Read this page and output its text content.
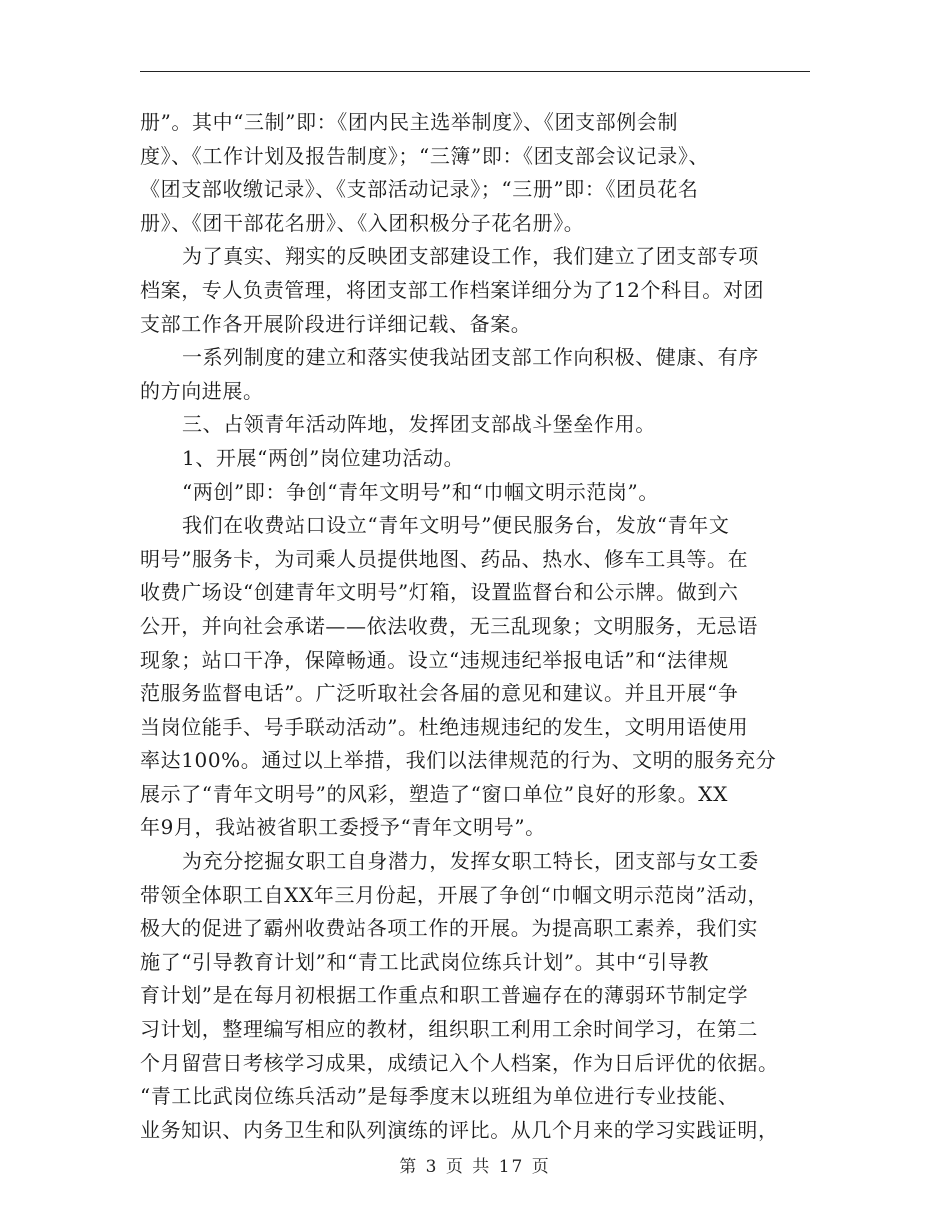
册”。其中“三制”即：《团内民主选举制度》、《团支部例会制
度》、《工作计划及报告制度》；“三簿”即：《团支部会议记录》、
《团支部收缴记录》、《支部活动记录》；“三册”即：《团员花名
册》、《团干部花名册》、《入团积极分子花名册》。
为了真实、翔实的反映团支部建设工作，我们建立了团支部专项
档案，专人负责管理，将团支部工作档案详细分为了12个科目。对团
支部工作各开展阶段进行详细记载、备案。
一系列制度的建立和落实使我站团支部工作向积极、健康、有序
的方向进展。
三、占领青年活动阵地，发挥团支部战斗堡垒作用。
1、开展“两创”岗位建功活动。
“两创”即：争创“青年文明号”和“巾帼文明示范岗”。
我们在收费站口设立“青年文明号”便民服务台，发放“青年文
明号”服务卡，为司乘人员提供地图、药品、热水、修车工具等。在
收费广场设“创建青年文明号”灯箱，设置监督台和公示牌。做到六
公开，并向社会承诺——依法收费，无三乱现象；文明服务，无忌语
现象；站口干净，保障畅通。设立“违规违纪举报电话”和“法律规
范服务监督电话”。广泛听取社会各届的意见和建议。并且开展“争
当岗位能手、号手联动活动”。杜绝违规违纪的发生，文明用语使用
率达100%。通过以上举措，我们以法律规范的行为、文明的服务充分
展示了“青年文明号”的风彩，塑造了“窗口单位”良好的形象。XX
年9月，我站被省职工委授予“青年文明号”。
为充分挖掘女职工自身潜力，发挥女职工特长，团支部与女工委
带领全体职工自XX年三月份起，开展了争创“巾帼文明示范岗”活动，
极大的促进了霸州收费站各项工作的开展。为提高职工素养，我们实
施了“引导教育计划”和“青工比武岗位练兵计划”。其中“引导教
育计划”是在每月初根据工作重点和职工普遍存在的薄弱环节制定学
习计划，整理编写相应的教材，组织职工利用工余时间学习，在第二
个月留营日考核学习成果，成绩记入个人档案，作为日后评优的依据。
“青工比武岗位练兵活动”是每季度末以班组为单位进行专业技能、
业务知识、内务卫生和队列演练的评比。从几个月来的学习实践证明，
第 3 页 共 17 页
